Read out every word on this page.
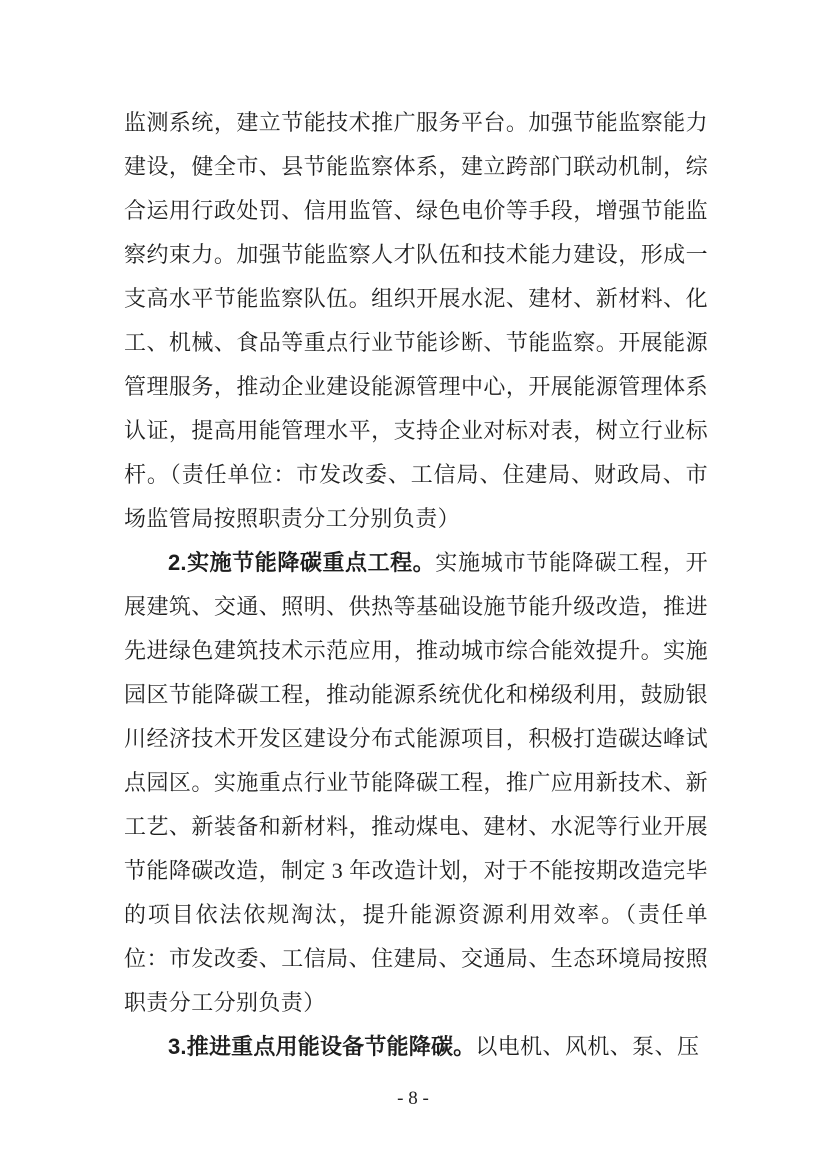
监测系统，建立节能技术推广服务平台。加强节能监察能力建设，健全市、县节能监察体系，建立跨部门联动机制，综合运用行政处罚、信用监管、绿色电价等手段，增强节能监察约束力。加强节能监察人才队伍和技术能力建设，形成一支高水平节能监察队伍。组织开展水泥、建材、新材料、化工、机械、食品等重点行业节能诊断、节能监察。开展能源管理服务，推动企业建设能源管理中心，开展能源管理体系认证，提高用能管理水平，支持企业对标对表，树立行业标杆。（责任单位：市发改委、工信局、住建局、财政局、市场监管局按照职责分工分别负责）

2.实施节能降碳重点工程。实施城市节能降碳工程，开展建筑、交通、照明、供热等基础设施节能升级改造，推进先进绿色建筑技术示范应用，推动城市综合能效提升。实施园区节能降碳工程，推动能源系统优化和梯级利用，鼓励银川经济技术开发区建设分布式能源项目，积极打造碳达峰试点园区。实施重点行业节能降碳工程，推广应用新技术、新工艺、新装备和新材料，推动煤电、建材、水泥等行业开展节能降碳改造，制定 3 年改造计划，对于不能按期改造完毕的项目依法依规淘汰，提升能源资源利用效率。（责任单位：市发改委、工信局、住建局、交通局、生态环境局按照职责分工分别负责）

3.推进重点用能设备节能降碳。以电机、风机、泵、压

- 8 -
